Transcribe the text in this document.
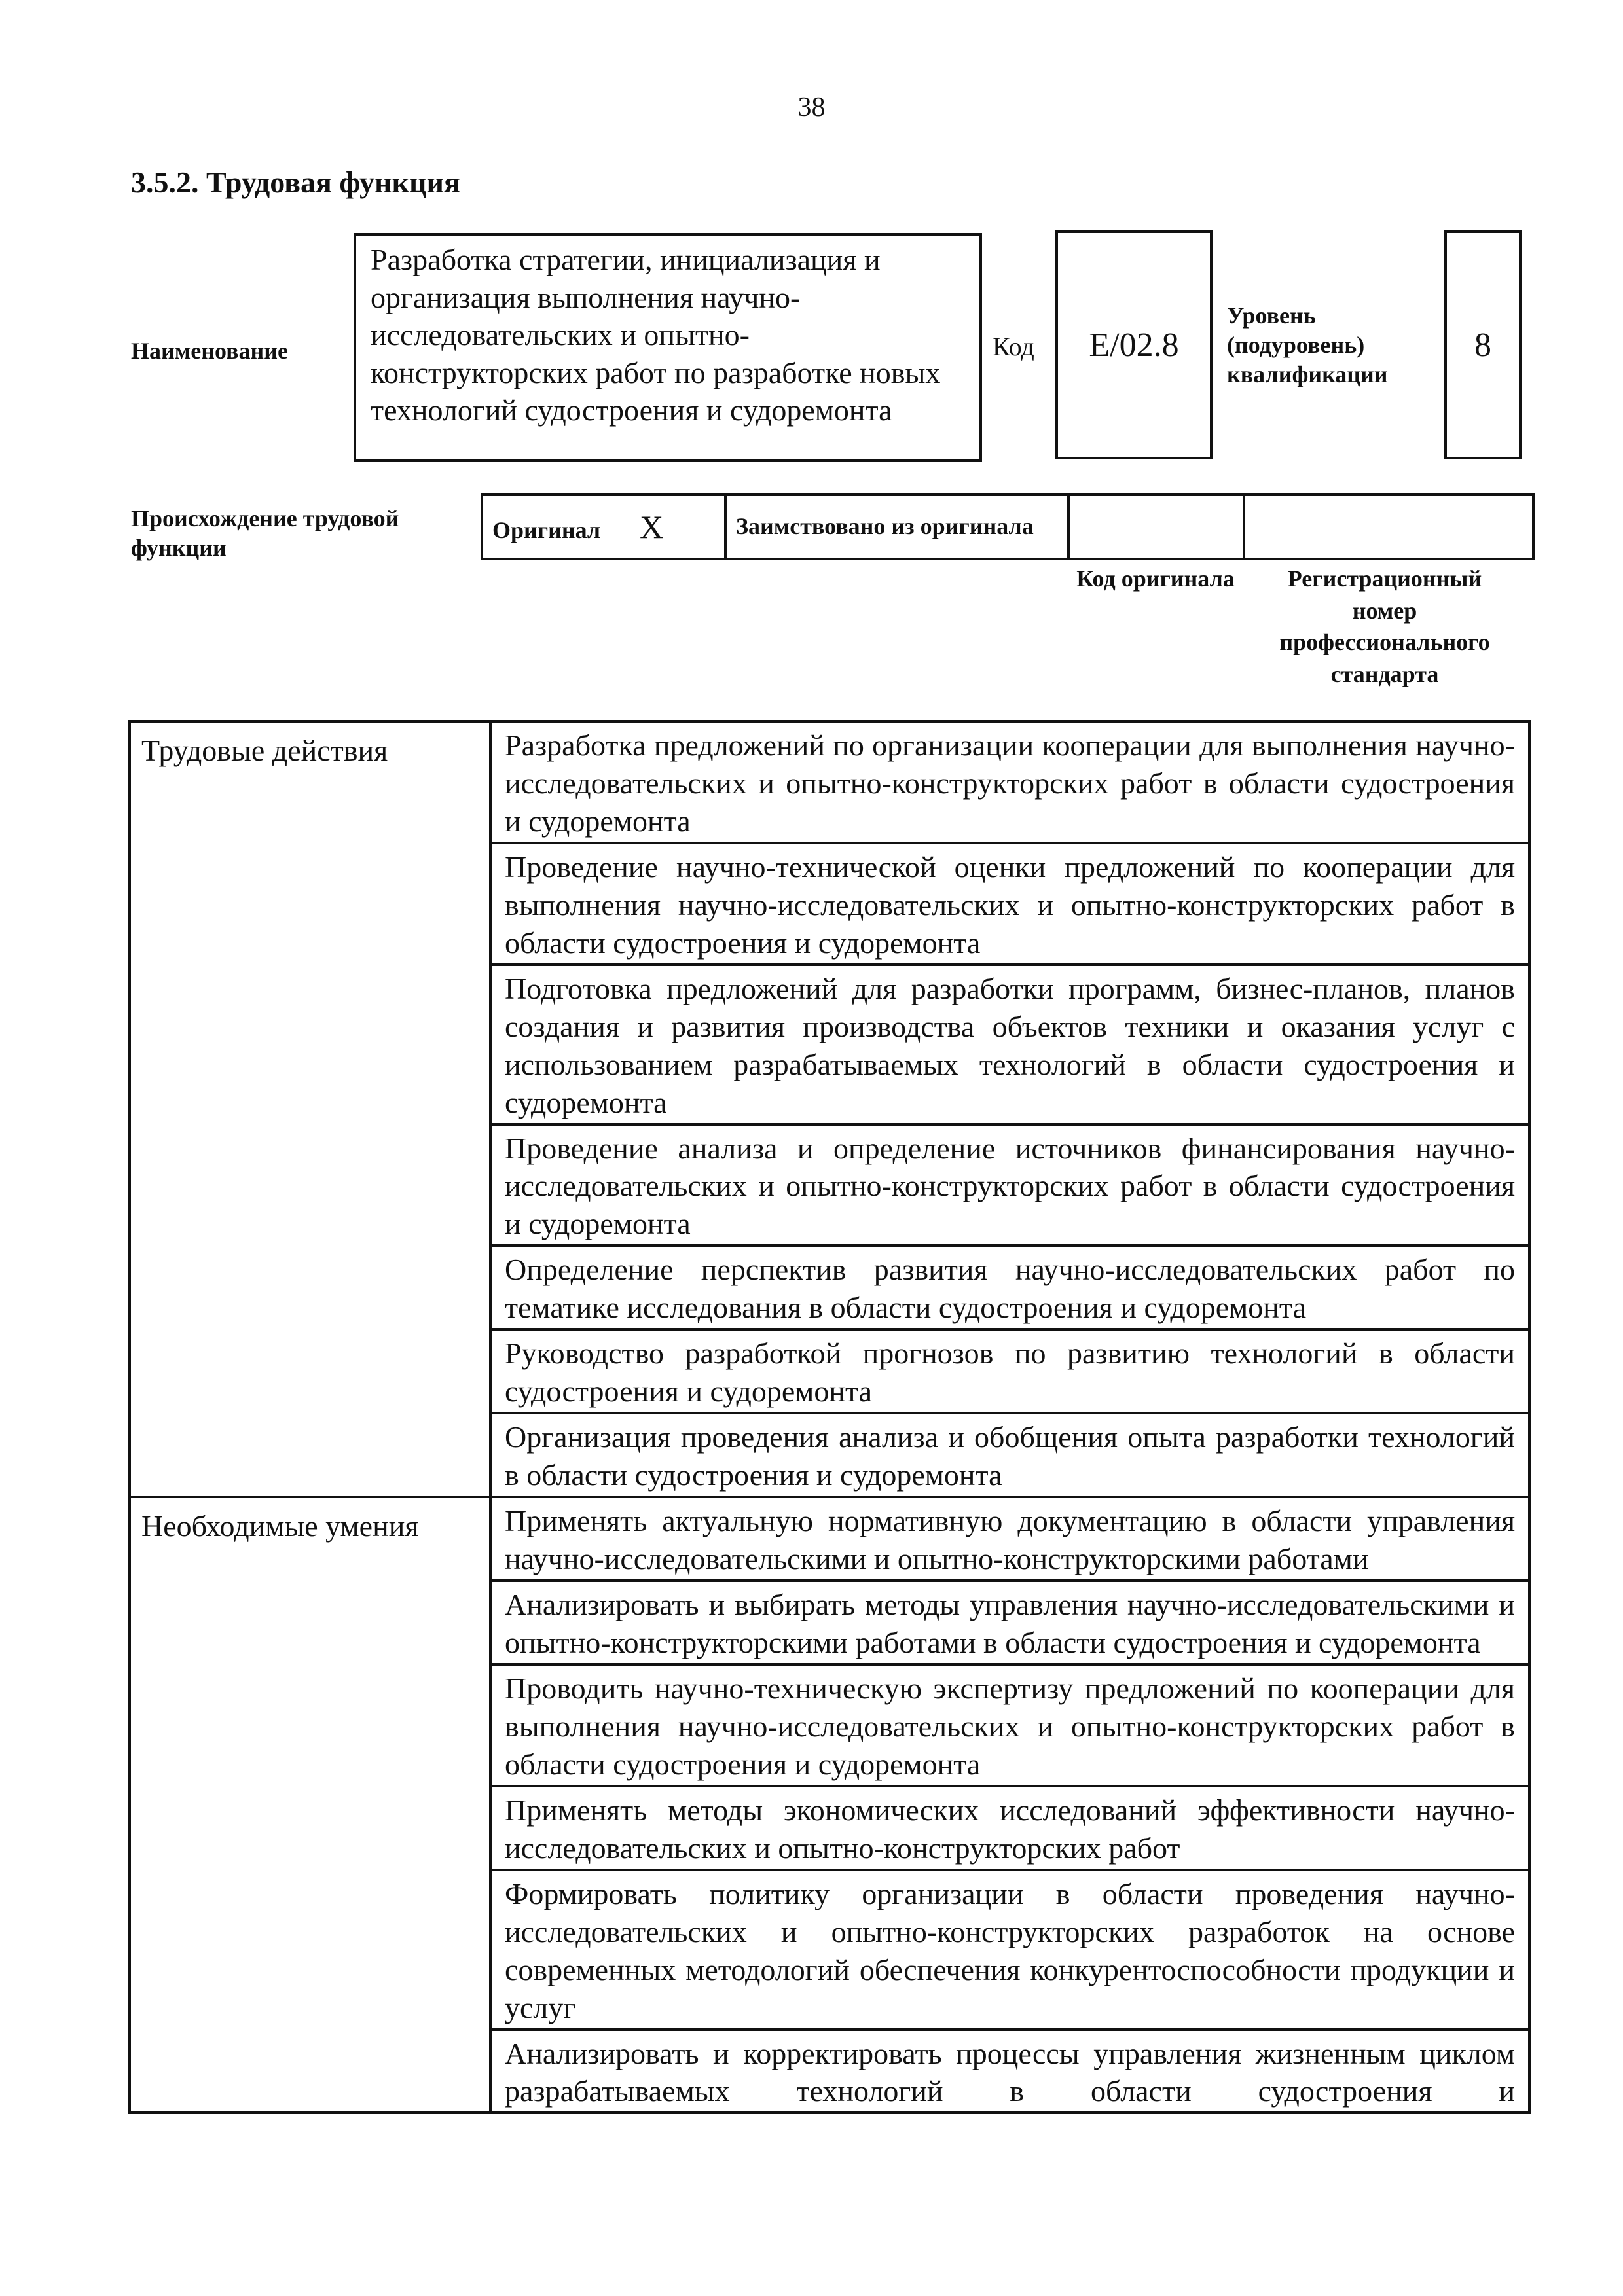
38
3.5.2. Трудовая функция
Наименование
Разработка стратегии, инициализация и организация выполнения научно-исследовательских и опытно-конструкторских работ по разработке новых технологий судостроения и судоремонта
Код	E/02.8
Уровень (подуровень) квалификации
8
Происхождение трудовой функции
Оригинал X	Заимствовано из оригинала

Код оригинала	Регистрационный номер профессионального стандарта
Трудовые действия	Разработка предложений по организации кооперации для выполнения научно-исследовательских и опытно-конструкторских работ в области судостроения и судоремонта
	Проведение научно-технической оценки предложений по кооперации для выполнения научно-исследовательских и опытно-конструкторских работ в области судостроения и судоремонта
	Подготовка предложений для разработки программ, бизнес-планов, планов создания и развития производства объектов техники и оказания услуг с использованием разрабатываемых технологий в области судостроения и судоремонта
	Проведение анализа и определение источников финансирования научно-исследовательских и опытно-конструкторских работ в области судостроения и судоремонта
	Определение перспектив развития научно-исследовательских работ по тематике исследования в области судостроения и судоремонта
	Руководство разработкой прогнозов по развитию технологий в области судостроения и судоремонта
	Организация проведения анализа и обобщения опыта разработки технологий в области судостроения и судоремонта
Необходимые умения	Применять актуальную нормативную документацию в области управления научно-исследовательскими и опытно-конструкторскими работами
	Анализировать и выбирать методы управления научно-исследовательскими и опытно-конструкторскими работами в области судостроения и судоремонта
	Проводить научно-техническую экспертизу предложений по кооперации для выполнения научно-исследовательских и опытно-конструкторских работ в области судостроения и судоремонта
	Применять методы экономических исследований эффективности научно-исследовательских и опытно-конструкторских работ
	Формировать политику организации в области проведения научно-исследовательских и опытно-конструкторских разработок на основе современных методологий обеспечения конкурентоспособности продукции и услуг
	Анализировать и корректировать процессы управления жизненным циклом разрабатываемых технологий в области судостроения и
